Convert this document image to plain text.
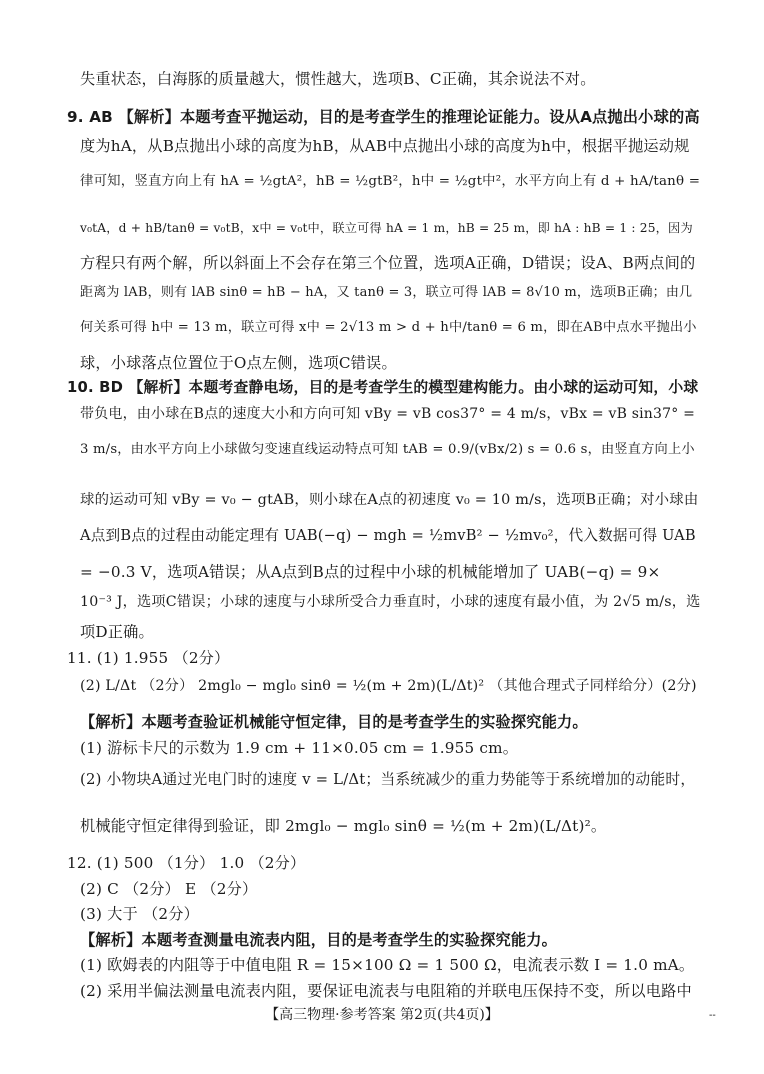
失重状态，白海豚的质量越大，惯性越大，选项B、C正确，其余说法不对。
9. AB 【解析】本题考查平抛运动，目的是考查学生的推理论证能力。设从A点抛出小球的高
度为hA，从B点抛出小球的高度为hB，从AB中点抛出小球的高度为h中，根据平抛运动规
律可知，竖直方向上有 hA = ½gtA²，hB = ½gtB²，h中 = ½gt中²，水平方向上有 d + hA/tanθ =
v₀tA，d + hB/tanθ = v₀tB，x中 = v₀t中，联立可得 hA = 1 m，hB = 25 m，即 hA : hB = 1 : 25，因为
方程只有两个解，所以斜面上不会存在第三个位置，选项A正确，D错误；设A、B两点间的
距离为 lAB，则有 lAB sinθ = hB − hA，又 tanθ = 3，联立可得 lAB = 8√10 m，选项B正确；由几
何关系可得 h中 = 13 m，联立可得 x中 = 2√13 m > d + h中/tanθ = 6 m，即在AB中点水平抛出小
球，小球落点位置位于O点左侧，选项C错误。
10. BD 【解析】本题考查静电场，目的是考查学生的模型建构能力。由小球的运动可知，小球
带负电，由小球在B点的速度大小和方向可知 vBy = vB cos37° = 4 m/s，vBx = vB sin37° =
3 m/s，由水平方向上小球做匀变速直线运动特点可知 tAB = 0.9/(vBx/2) s = 0.6 s，由竖直方向上小
球的运动可知 vBy = v₀ − gtAB，则小球在A点的初速度 v₀ = 10 m/s，选项B正确；对小球由
A点到B点的过程由动能定理有 UAB(−q) − mgh = ½mvB² − ½mv₀²，代入数据可得 UAB
= −0.3 V，选项A错误；从A点到B点的过程中小球的机械能增加了 UAB(−q) = 9×
10⁻³ J，选项C错误；小球的速度与小球所受合力垂直时，小球的速度有最小值，为 2√5 m/s，选
项D正确。
11. (1) 1.955 （2分）
(2) L/Δt （2分） 2mgl₀ − mgl₀ sinθ = ½(m + 2m)(L/Δt)² （其他合理式子同样给分）(2分)
【解析】本题考查验证机械能守恒定律，目的是考查学生的实验探究能力。
(1) 游标卡尺的示数为 1.9 cm + 11×0.05 cm = 1.955 cm。
(2) 小物块A通过光电门时的速度 v = L/Δt；当系统减少的重力势能等于系统增加的动能时，
机械能守恒定律得到验证，即 2mgl₀ − mgl₀ sinθ = ½(m + 2m)(L/Δt)²。
12. (1) 500 （1分） 1.0 （2分）
(2) C （2分） E （2分）
(3) 大于 （2分）
【解析】本题考查测量电流表内阻，目的是考查学生的实验探究能力。
(1) 欧姆表的内阻等于中值电阻 R = 15×100 Ω = 1 500 Ω，电流表示数 I = 1.0 mA。
(2) 采用半偏法测量电流表内阻，要保证电流表与电阻箱的并联电压保持不变，所以电路中
【高三物理·参考答案 第2页(共4页)】	--
